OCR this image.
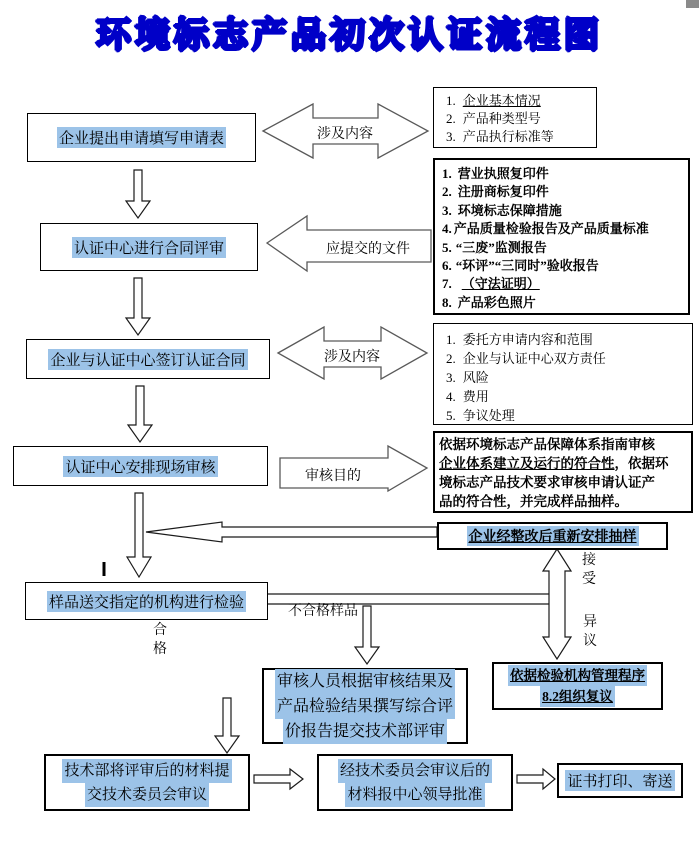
环境标志产品初次认证流程图
企业提出申请填写申请表
认证中心进行合同评审
企业与认证中心签订认证合同
认证中心安排现场审核
样品送交指定的机构进行检验
技术部将评审后的材料提
交技术委员会审议
审核人员根据审核结果及
产品检验结果撰写综合评
价报告提交技术部评审
经技术委员会审议后的
材料报中心领导批准
证书打印、寄送
1. 企业基本情况
2. 产品种类型号
3. 产品执行标准等
1. 营业执照复印件
2. 注册商标复印件
3. 环境标志保障措施
4. 产品质量检验报告及产品质量标准
5. “三废”监测报告
6. “环评”“三同时”验收报告
7. （守法证明）
8. 产品彩色照片
1. 委托方申请内容和范围
2. 企业与认证中心双方责任
3. 风险
4. 费用
5. 争议处理
依据环境标志产品保障体系指南审核
企业体系建立及运行的符合性，依据环
境标志产品技术要求审核申请认证产
品的符合性，并完成样品抽样。
企业经整改后重新安排抽样
依据检验机构管理程序
8.2组织复议
涉及内容
应提交的文件
涉及内容
审核目的
不合格样品
合格
接受
异议
